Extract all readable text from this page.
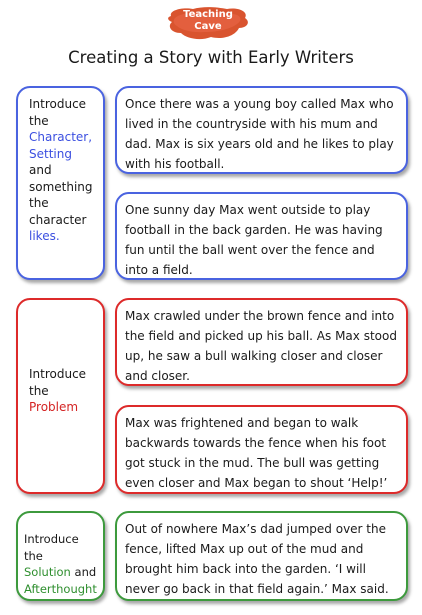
Teaching
Cave
Creating a Story with Early Writers
Introduce
the
Character,
Setting
and
something
the
character
likes.
Once there was a young boy called Max who lived in the countryside with his mum and dad. Max is six years old and he likes to play with his football.
One sunny day Max went outside to play football in the back garden. He was having fun until the ball went over the fence and into a field.
Introduce
the
Problem
Max crawled under the brown fence and into the field and picked up his ball. As Max stood up, he saw a bull walking closer and closer and closer.
Max was frightened and began to walk backwards towards the fence when his foot got stuck in the mud. The bull was getting even closer and Max began to shout ‘Help!’
Introduce the
Solution and
Afterthought
Out of nowhere Max’s dad jumped over the fence, lifted Max up out of the mud and brought him back into the garden. ‘I will never go back in that field again.’ Max said.
